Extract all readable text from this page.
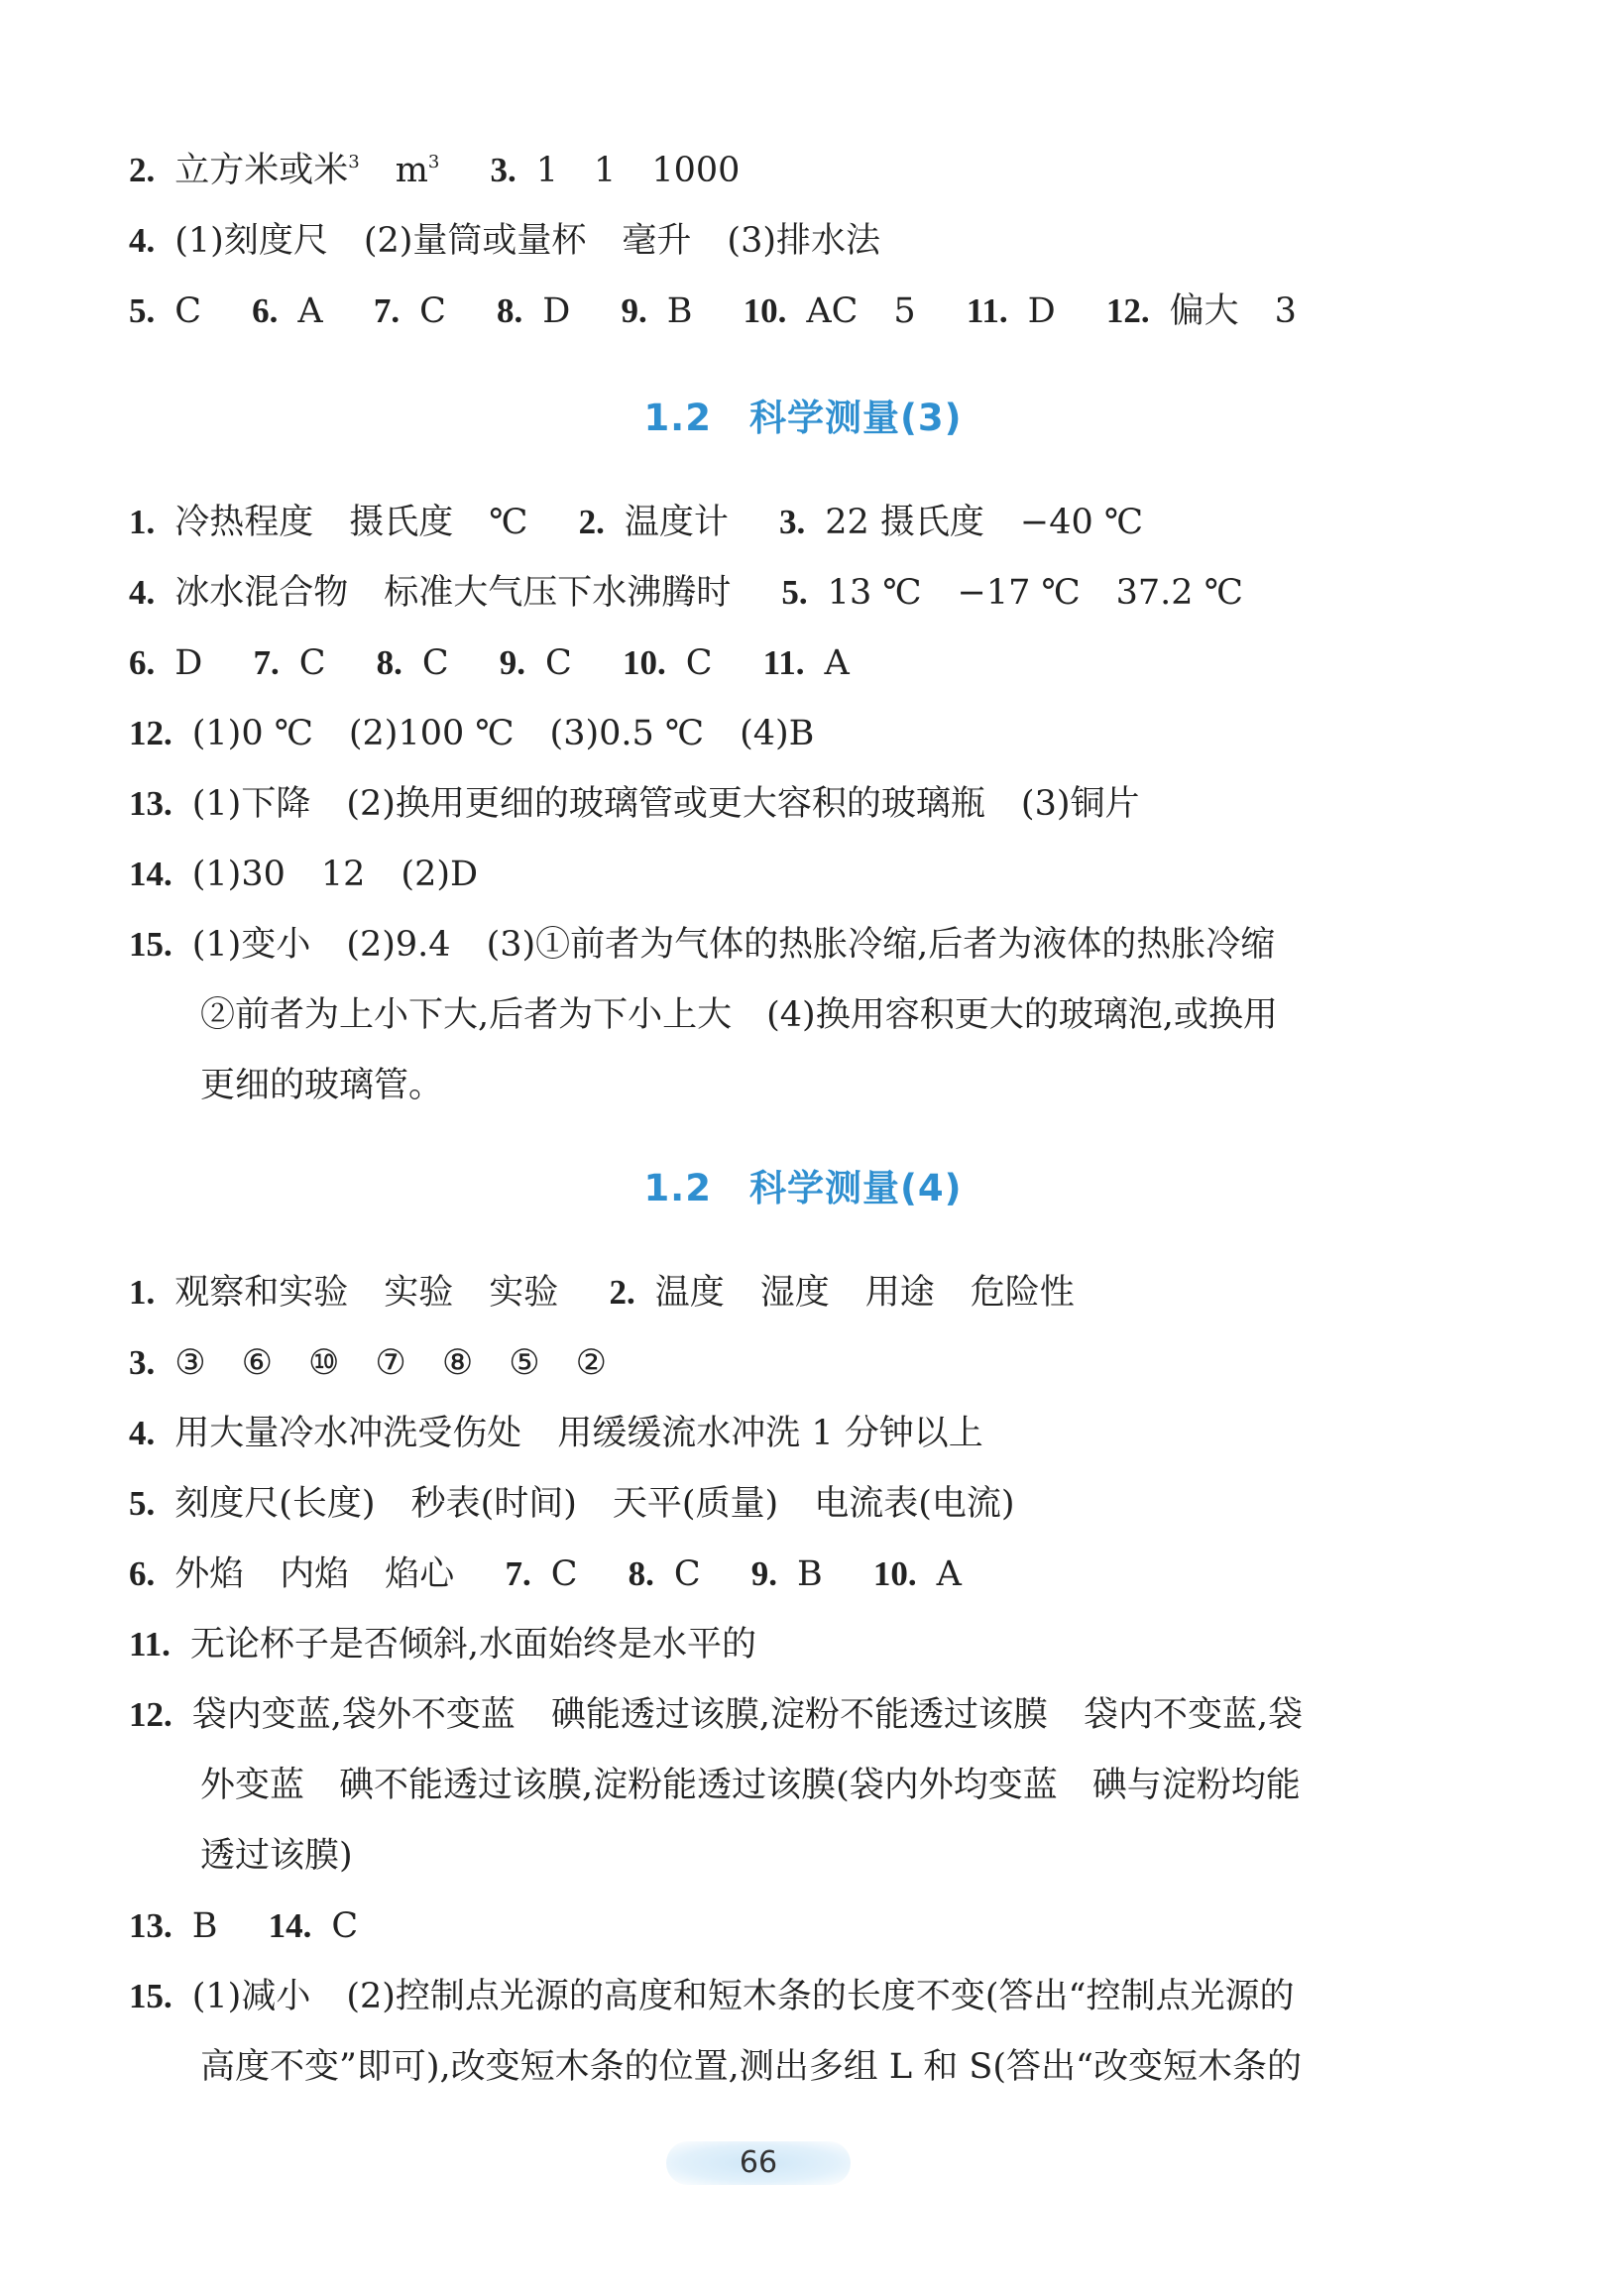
2. 立方米或米$^3$ $m^3$ 3. 1 1 1000
4. (1)刻度尺 (2)量筒或量杯 毫升 (3)排水法
5. C 6. A 7. C 8. D 9. B 10. AC 5 11. D 12. 偏大 3
1.2 科学测量(3)
1. 冷热程度 摄氏度 ℃ 2. 温度计 3. 22 摄氏度 −40 ℃
4. 冰水混合物 标准大气压下水沸腾时 5. 13 ℃ −17 ℃ 37.2 ℃
6. D 7. C 8. C 9. C 10. C 11. A
12. (1)0 ℃ (2)100 ℃ (3)0.5 ℃ (4)B
13. (1)下降 (2)换用更细的玻璃管或更大容积的玻璃瓶 (3)铜片
14. (1)30 12 (2)D
15. (1)变小 (2)9.4 (3)①前者为气体的热胀冷缩,后者为液体的热胀冷缩
②前者为上小下大,后者为下小上大　(4)换用容积更大的玻璃泡,或换用
更细的玻璃管。
1.2 科学测量(4)
1. 观察和实验 实验 实验 2. 温度 湿度 用途 危险性
3. ③ ⑥ ⑩ ⑦ ⑧ ⑤ ②
4. 用大量冷水冲洗受伤处 用缓缓流水冲洗 1 分钟以上
5. 刻度尺(长度) 秒表(时间) 天平(质量) 电流表(电流)
6. 外焰 内焰 焰心 7. C 8. C 9. B 10. A
11. 无论杯子是否倾斜,水面始终是水平的
12. 袋内变蓝,袋外不变蓝 碘能透过该膜,淀粉不能透过该膜 袋内不变蓝,袋
外变蓝　碘不能透过该膜,淀粉能透过该膜(袋内外均变蓝　碘与淀粉均能
透过该膜)
13. B 14. C
15. (1)减小 (2)控制点光源的高度和短木条的长度不变(答出“控制点光源的
高度不变”即可),改变短木条的位置,测出多组 L 和 S(答出“改变短木条的
66
